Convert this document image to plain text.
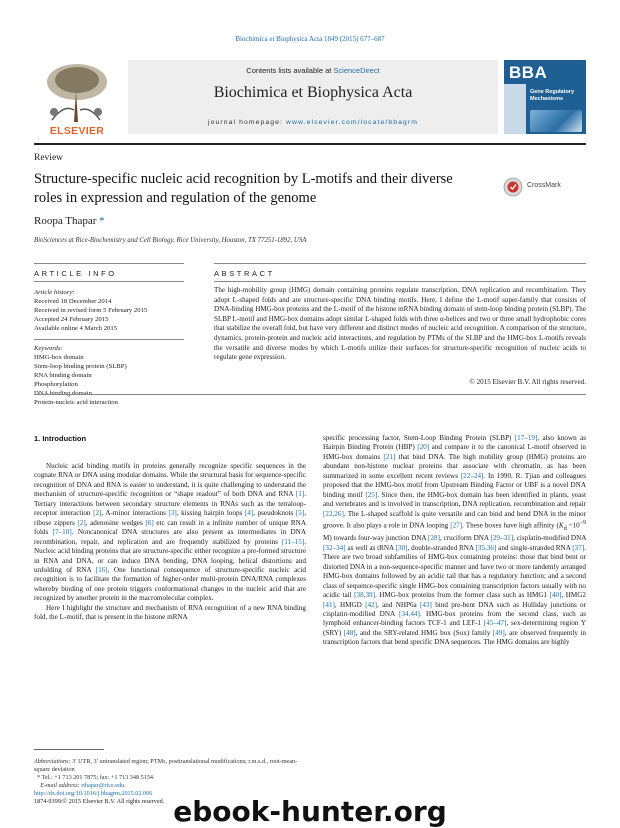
Biochimica et Biophysica Acta 1849 (2015) 677–687
ELSEVIER
Contents lists available at ScienceDirect
Biochimica et Biophysica Acta
journal homepage: www.elsevier.com/locate/bbagrm
BBA
Gene Regulatory Mechanisms
Review
Structure-specific nucleic acid recognition by L-motifs and their diverse roles in expression and regulation of the genome
CrossMark
Roopa Thapar *
BioSciences at Rice-Biochemistry and Cell Biology, Rice University, Houston, TX 77251-1892, USA
ARTICLE INFO	ABSTRACT
Article history:
Received 18 December 2014
Received in revised form 5 February 2015
Accepted 24 February 2015
Available online 4 March 2015
Keywords:
HMG-box domain
Stem-loop binding protein (SLBP)
RNA binding domain
Phosphorylation
Protein-nucleic acid interaction
The high-mobility group (HMG) domain containing proteins regulate transcription, DNA replication and recombination. They adopt L-shaped folds and are structure-specific DNA binding motifs. Here, I define the L-motif super-family that consists of DNA-binding HMG-box proteins and the L-motif of the histone mRNA binding domain of stem-loop binding protein (SLBP). The SLBP L-motif and HMG-box domains adopt similar L-shaped folds with three α-helices and two or three small hydrophobic cores that stabilize the overall fold, but have very different and distinct modes of nucleic acid recognition. A comparison of the structure, dynamics, protein-protein and nucleic acid interactions, and regulation by PTMs of the SLBP and the HMG-box L-motifs reveals the versatile and diverse modes by which L-motifs utilize their surfaces for structure-specific recognition of nucleic acids to regulate gene expression.
© 2015 Elsevier B.V. All rights reserved.
1. Introduction

Nucleic acid binding motifs in proteins generally recognize specific sequences in the cognate RNA or DNA using modular domains. While the structural basis for sequence-specific recognition of DNA and RNA is easier to understand, it is quite challenging to understand the mechanism of structure-specific recognition or “shape readout” of both DNA and RNA [1]. Tertiary interactions between secondary structure elements in RNAs such as the tetraloop-receptor interaction [2], A-minor interactions [3], kissing hairpin loops [4], pseudoknots [5], ribose zippers [2], adenosine wedges [6] etc can result in a infinite number of unique RNA folds [7–10]. Noncanonical DNA structures are also present as intermediates in DNA recombination, repair, and replication and are frequently stabilized by proteins [11–15]. Nucleic acid binding proteins that are structure-specific either recognize a pre-formed structure in RNA and DNA, or can induce DNA bending, DNA looping, helical distortions and unfolding of RNA [16]. One functional consequence of structure-specific nucleic acid recognition is to facilitate the formation of higher-order multi-protein DNA/RNA complexes whereby binding of one protein triggers conformational changes in the nucleic acid that are recognized by another protein in the macromolecular complex.

Here I highlight the structure and mechanism of RNA recognition of a new RNA binding fold, the L-motif, that is present in the histone mRNA

specific processing factor, Stem-Loop Binding Protein (SLBP) [17–19], also known as Hairpin Binding Protein (HBP) [20] and compare it to the canonical L-motif observed in HMG-box domains [21] that bind DNA. The high mobility group (HMG) proteins are abundant non-histone nuclear proteins that associate with chromatin, as has been summarized in some excellent recent reviews [22–24]. In 1990, R. Tjian and colleagues proposed that the HMG-box motif from Upstream Binding Factor or UBF is a novel DNA binding motif [25]. Since then, the HMG-box domain has been identified in plants, yeast and vertebrates and is involved in transcription, DNA replication, recombination and repair [22,26]. The L-shaped scaffold is quite versatile and can bind and bend DNA in the minor groove. It also plays a role in DNA looping [27]. These boxes have high affinity ($K_d$ $\sim 10^{-9}$ M) towards four-way junction DNA [28], cruciform DNA [29–31], cisplatin-modified DNA [32–34] as well as tRNA [30], double-stranded RNA [35,36] and single-stranded RNA [37]. There are two broad subfamilies of HMG-box containing proteins: those that bind bent or distorted DNA in a non-sequence-specific manner and have two or more tandemly arranged HMG-box domains followed by an acidic tail that has a regulatory function; and a second class of sequence-specific single HMG-box containing transcription factors usually with no acidic tail [38,39]. HMG-box proteins from the former class such as HMG1 [40], HMG2 [41], HMGD [42], and NHP6a [43] bind pre-bent DNA such as Holliday junctions or cisplatin-modified DNA [34,44]. HMG-box proteins from the second class, such as lymphoid enhancer-binding factors TCF-1 and LEF-1 [45–47], sex-determining region Y (SRY) [48], and the SRY-related HMG box (Sox) family [49], are observed frequently in transcription factors that bend specific DNA sequences. The HMG domains are highly

Abbreviations: 3′ UTR, 3′ untranslated region; PTMs, posttranslational modifications; r.m.s.d., root-mean-square deviation
* Tel.: +1 713 201 7875; fax: +1 713 348 5154.
E-mail address: rthapar@rice.edu.
http://dx.doi.org/10.1016/j.bbagrm.2015.02.006
1874-9399/© 2015 Elsevier B.V. All rights reserved. ebook-hunter.org
